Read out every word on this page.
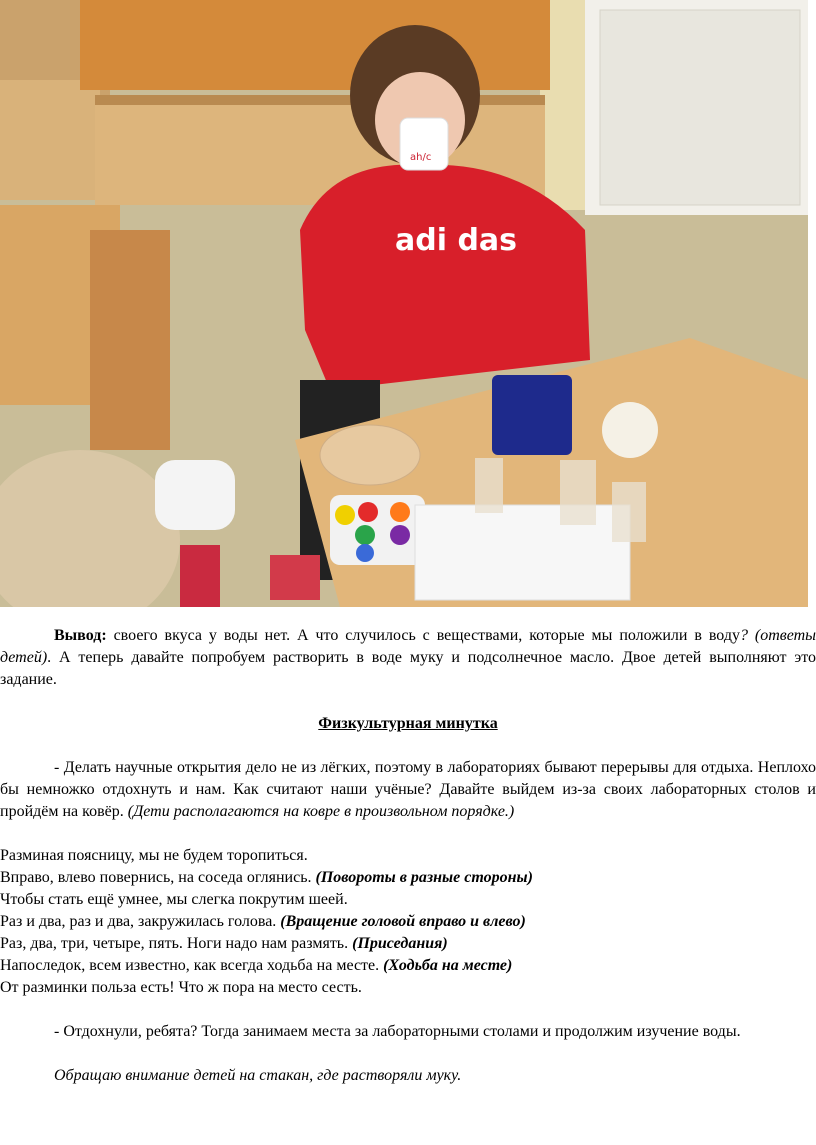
adi das
ah/c

Вывод: своего вкуса у воды нет. А что случилось с веществами, которые мы положили в воду? (ответы детей). А теперь давайте попробуем растворить в воде муку и подсолнечное масло. Двое детей выполняют это задание.

Физкультурная минутка

- Делать научные открытия дело не из лёгких, поэтому в лабораториях бывают перерывы для отдыха. Неплохо бы немножко отдохнуть и нам. Как считают наши учёные? Давайте выйдем из-за своих лабораторных столов и пройдём на ковёр. (Дети располагаются на ковре в произвольном порядке.)

Разминая поясницу, мы не будем торопиться.

Вправо, влево повернись, на соседа оглянись. (Повороты в разные стороны)

Чтобы стать ещё умнее, мы слегка покрутим шеей.

Раз и два, раз и два, закружилась голова. (Вращение головой вправо и влево)

Раз, два, три, четыре, пять. Ноги надо нам размять. (Приседания)

Напоследок, всем известно, как всегда ходьба на месте. (Ходьба на месте)

От разминки польза есть! Что ж пора на место сесть.

- Отдохнули, ребята? Тогда занимаем места за лабораторными столами и продолжим изучение воды.

Обращаю внимание детей на стакан, где растворяли муку.
